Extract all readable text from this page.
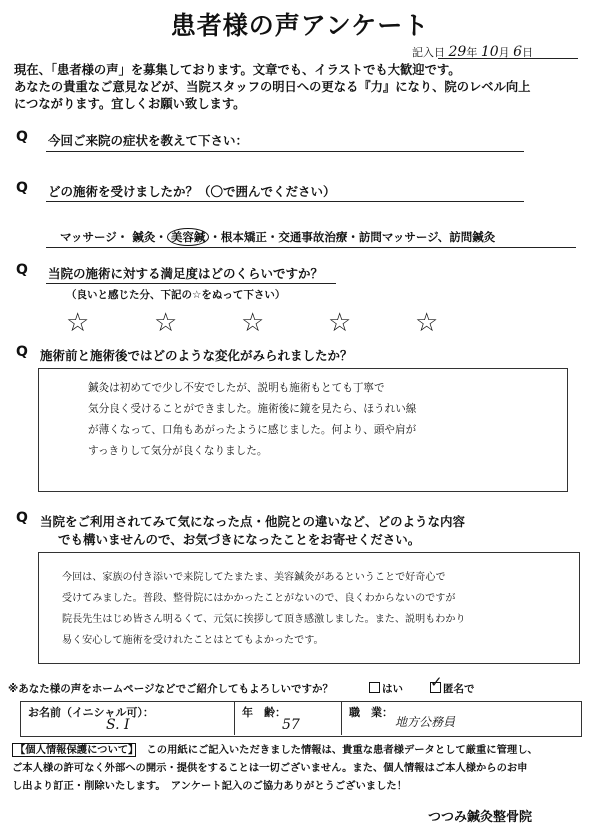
患者様の声アンケート
記入日 29年 10月 6日
現在、「患者様の声」を募集しております。文章でも、イラストでも大歓迎です。
あなたの貴重なご意見などが、当院スタッフの明日への更なる『力』になり、院のレベル向上
につながります。宜しくお願い致します。
Q 今回ご来院の症状を教えて下さい：
Q どの施術を受けましたか？（〇で囲んでください）
マッサージ・ 鍼灸・ 美容鍼 ・根本矯正・交通事故治療・訪問マッサージ、訪問鍼灸
Q 当院の施術に対する満足度はどのくらいですか？
（良いと感じた分、下記の☆をぬって下さい）
☆ ☆ ☆ ☆ ☆
Q 施術前と施術後ではどのような変化がみられましたか？
鍼灸は初めてで少し不安でしたが、説明も施術もとても丁寧で
気分良く受けることができました。施術後に鏡を見たら、ほうれい線
が薄くなって、口角もあがったように感じました。何より、頭や肩が
すっきりして気分が良くなりました。
Q 当院をご利用されてみて気になった点・他院との違いなど、どのような内容
でも構いませんので、お気づきになったことをお寄せください。
今回は、家族の付き添いで来院してたまたま、美容鍼灸があるということで好奇心で
受けてみました。普段、整骨院にはかかったことがないので、良くわからないのですが
院長先生はじめ皆さん明るくて、元気に挨拶して頂き感激しました。また、説明もわかり
易く安心して施術を受けれたことはとてもよかったです。
※あなた様の声をホームページなどでご紹介してもよろしいですか？	はい	匿名で
✓
お名前（イニシャル可）：
S. I
年　齢：
57
職　業：
地方公務員
【個人情報保護について】　 この用紙にご記入いただきました情報は、貴重な患者様データとして厳重に管理し、
ご本人様の許可なく外部への開示・提供をすることは一切ございません。また、個人情報はご本人様からのお申
し出より訂正・削除いたします。　 アンケート記入のご協力ありがとうございました！
つつみ鍼灸整骨院
